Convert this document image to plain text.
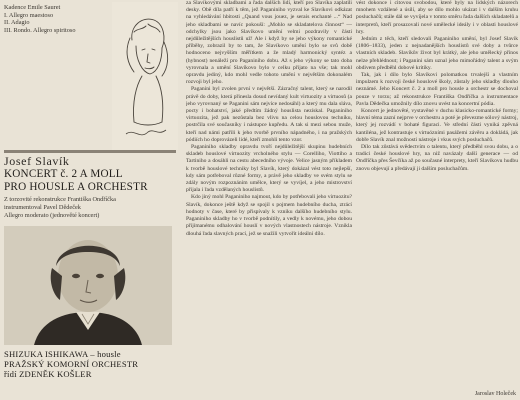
Kadence Emile Sauret
I. Allegro maestoso
II. Adagio
III. Rondo. Allegro spiritoso
Josef Slavík
KONCERT č. 2 A MOLL
PRO HOUSLE A ORCHESTR
Z torzovité rekonstrukce Františka Ondříčka
instrumentoval Pavel Dědeček
Allegro moderato (jednověté koncert)
SHIZUKA ISHIKAWA – housle
PRAŽSKÝ KOMORNÍ ORCHESTR
řídí ZDENĚK KOŠLER

za Slavíkovými skladbami a řada dalších lidí, kteří pro Slavíka zaplatili desky. Obě díla patří k těm, jež Paganiniho vyzval ke Slavíkovi odkázat na vyhledávání hbitosti „Quand vous jouez, je serais enchanté ...“ Nad jeho skladbami se navíc pokouší: „Mohlo se skladatelova činnost“ — odchylky jsou jako Slavíkovo umění velmi pozdravily v části nejdůležitějších houslistů už! Ale i když by se jeho výkony romantické příběhy, zobrazil by to tam, že Slavíkovo umění bylo se svů době hodnoceno nejvyšším měřítkem a že mladý harmonický syntéz a (hybnost) nenáleží pro Paganiniho dobu. Až s jeho výkony se tato doba vyrovnala a umění Slavíkovo bylo v celku přijato na vše; tak mohl opravdu jediný, kdo mohl vedle tohoto umění v největším dokonalém rozvoji byl jeho.

Paganini byl zvolen první v největší. Zázračný talent, který se narodil právě do doby, která přinesla dosud nevídaný kult virtuozity a virtuosů (a jeho vyrovnaný se Paganini sám nejvíce nedosáhl) a který mu dala sláva, pocty i bohatství, jaké předtím žádný houslista nezískal. Paganiniho virtuozita, jež pak nezůstala bez vlivu na celou houslovou techniku, postrčila své současníky i nástupce kupředu. A tak si mezi sebou muže, kteří nad námi patřili k jeho tvorbě prvního nápadného, i na pražských pódiích ho doprovázeli lidé, kteří zmohli tento vzor.

Paganiniho skladby opravdu tvoří nejdůležitější skupinu hudebních skladeb houslové virtuozity vrcholného stylu — Corelliho, Viottiho a Tartiniho a dosáhli na cestu abecedního vývoje. Velice jasným příkladem k tvorbě houslové techniky byl Slavík, který dokázal vést toto nejlepší, kdy sám potřeboval různé formy, a právě jeho skladby ve svém stylu se zdály novým rozpoznáním umělce, který se vyvíjel, a jeho mistrovství přijala i řada vzdělaných houslistů.

Kdo jiný mohl Paganiniho najmout, kdo by potřebovali jeho virtuozitu? Slavík, dokonce ještě když se spojil s pojmem hudebního ducha, ztrácí hodnoty v čase, které by přispívaly k vzniku dalšího hudebního stylu. Paganiniho skladby ho v tvorbě podnítily, a vedly k novému, jeho dobou přijímanému odhalování houslí v nových vlastnostech nástroje. Vznikla dlouhá řada slavných prací, jež se snažili vytvořit ideální dílo.

vést dokonce i citovou svobodou, které byly na lidských názorech mnohem vzdálené a úsilí, aby se dílo mohlo ukázat i v dalším kruhu posluchačů; stále dál se vyvíjela v tomto směru řada dalších skladatelů a interpretů, kteří prosazovali nové umělecké ideály i v oblasti houslové hry.

Jedním z těch, kteří sledovali Paganiniho umění, byl Josef Slavík (1806–1833), jeden z nejnadanějších houslistů své doby a tvůrce vlastních skladeb. Slavíkův život byl krátký, ale jeho umělecký přínos nelze přehlédnout; i Paganini sám uznal jeho mimořádný talent a svým obdivem předběhl dobové kritiky.

Tak, jak i dílo bylo Slavíkovi polomatkou trvalejší a vlastním impulzem k rozvoji české houslové školy, zůstaly jeho skladby dlouho neznámé. Jeho Koncert č. 2 a moll pro housle a orchestr se dochoval pouze v torzu; až rekonstrukce Františka Ondříčka a instrumentace Pavla Dědečka umožnily dílo znovu uvést na koncertní pódia.

Koncert je jednověté, vystavěné v duchu klasicko-romantické formy; hlavní téma zazní nejprve v orchestru a poté je převezme sólový nástroj, který jej rozvádí v bohaté figuraci. Ve střední části vyniká zpěvná kantiléna, jež kontrastuje s virtuózními pasážemi závěru a dokládá, jak dobře Slavík znal možnosti nástroje i vkus svých posluchačů.

Dílo tak zůstává svědectvím o talentu, který předběhl svou dobu, a o tradici české houslové hry, na niž navázaly další generace — od Ondříčka přes Ševčíka až po současné interprety, kteří Slavíkovu hudbu znovu objevují a předávají ji dalším posluchačům.

Jaroslav Holeček
